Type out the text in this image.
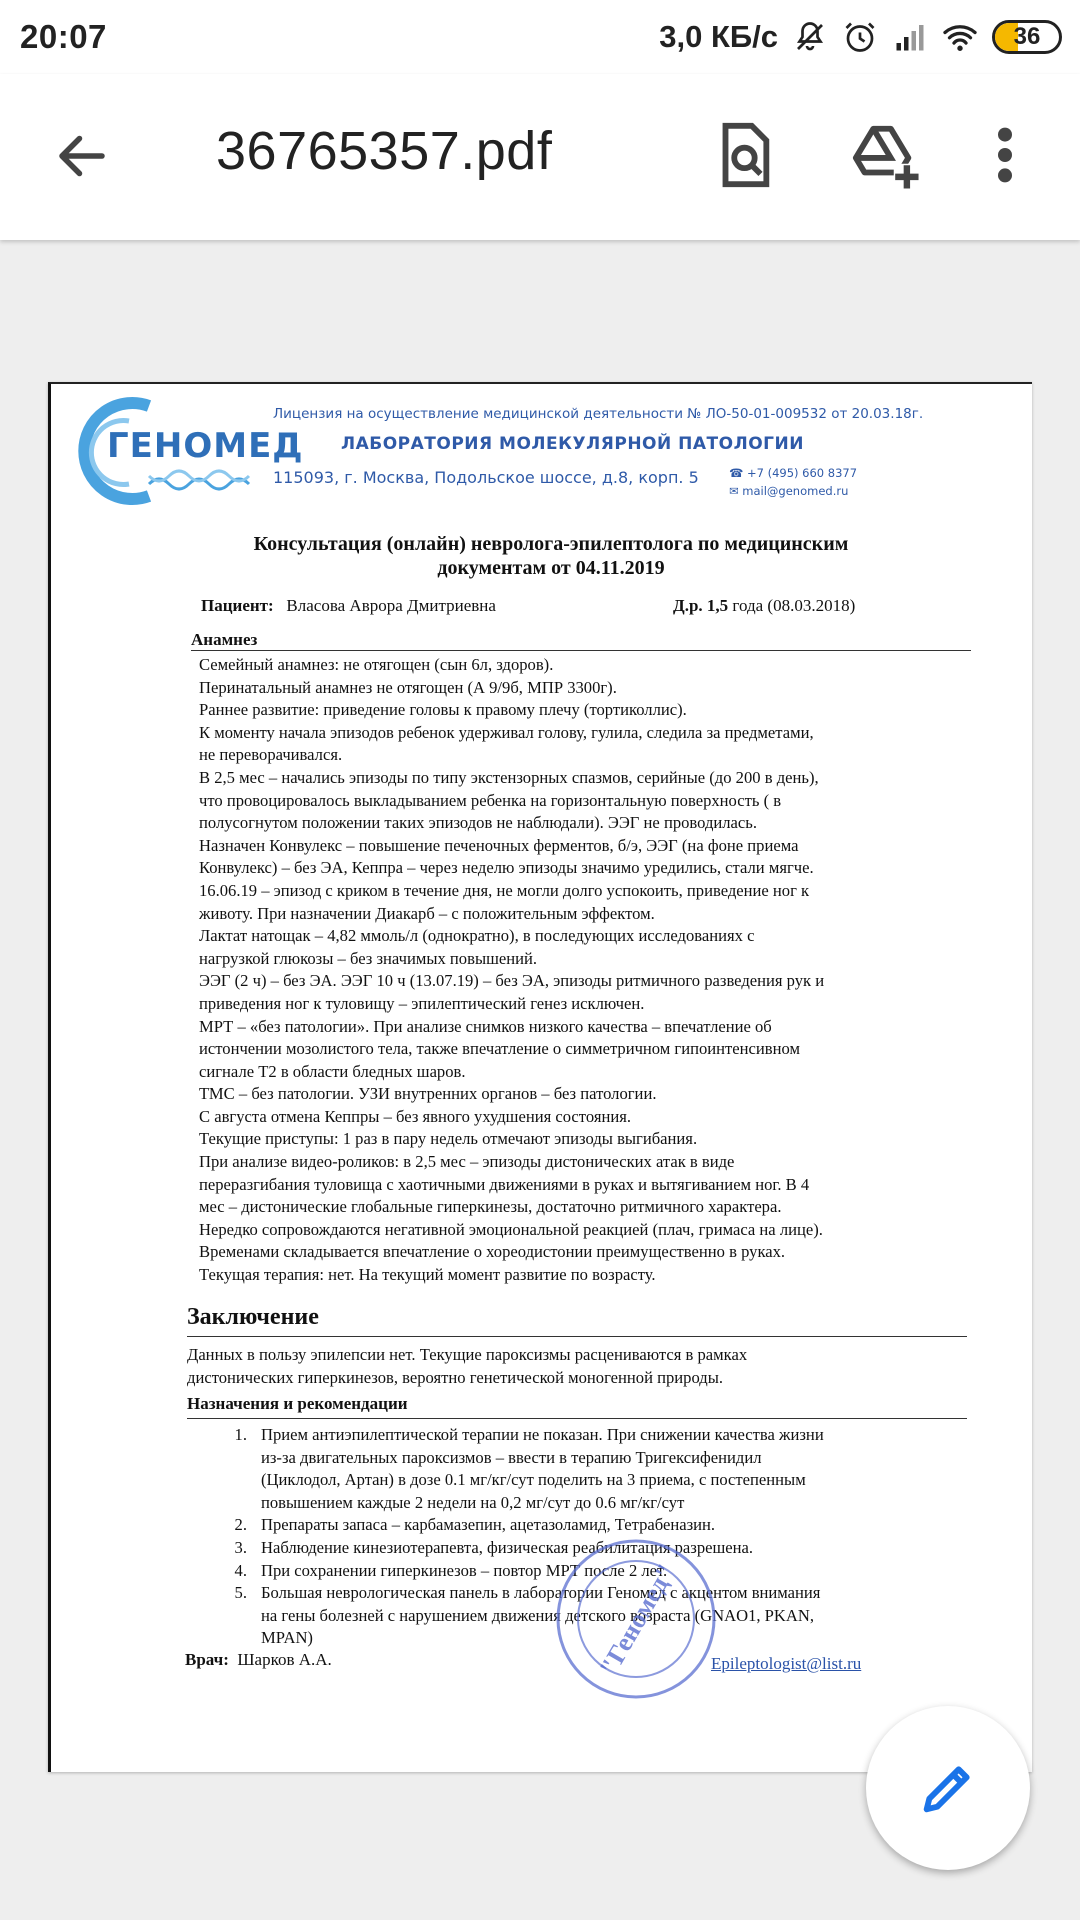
20:07	3,0 КБ/с	36
36765357.pdf
ГЕНОМЕД
Лицензия на осуществление медицинской деятельности № ЛО-50-01-009532 от 20.03.18г.
ЛАБОРАТОРИЯ МОЛЕКУЛЯРНОЙ ПАТОЛОГИИ
115093, г. Москва, Подольское шоссе, д.8, корп. 5	☎ +7 (495) 660 8377
✉ mail@genomed.ru
Консультация (онлайн) невролога-эпилептолога по медицинским
документам от 04.11.2019
Пациент: Власова Аврора Дмитриевна	Д.р. 1,5 года (08.03.2018)
Анамнез
Семейный анамнез: не отягощен (сын 6л, здоров).
Перинатальный анамнез не отягощен (А 9/9б, МПР 3300г).
Раннее развитие: приведение головы к правому плечу (тортиколлис).
К моменту начала эпизодов ребенок удерживал голову, гулила, следила за предметами,
не переворачивался.
В 2,5 мес – начались эпизоды по типу экстензорных спазмов, серийные (до 200 в день),
что провоцировалось выкладыванием ребенка на горизонтальную поверхность ( в
полусогнутом положении таких эпизодов не наблюдали). ЭЭГ не проводилась.
Назначен Конвулекс – повышение печеночных ферментов, б/э, ЭЭГ (на фоне приема
Конвулекс) – без ЭА, Кеппра – через неделю эпизоды значимо уредились, стали мягче.
16.06.19 – эпизод с криком в течение дня, не могли долго успокоить, приведение ног к
животу. При назначении Диакарб – с положительным эффектом.
Лактат натощак – 4,82 ммоль/л (однократно), в последующих исследованиях с
нагрузкой глюкозы – без значимых повышений.
ЭЭГ (2 ч) – без ЭА. ЭЭГ 10 ч (13.07.19) – без ЭА, эпизоды ритмичного разведения рук и
приведения ног к туловищу – эпилептический генез исключен.
МРТ – «без патологии». При анализе снимков низкого качества – впечатление об
истончении мозолистого тела, также впечатление о симметричном гипоинтенсивном
сигнале Т2 в области бледных шаров.
ТМС – без патологии. УЗИ внутренних органов – без патологии.
С августа отмена Кеппры – без явного ухудшения состояния.
Текущие приступы: 1 раз в пару недель отмечают эпизоды выгибания.
При анализе видео-роликов: в 2,5 мес – эпизоды дистонических атак в виде
переразгибания туловища с хаотичными движениями в руках и вытягиванием ног. В 4
мес – дистонические глобальные гиперкинезы, достаточно ритмичного характера.
Нередко сопровождаются негативной эмоциональной реакцией (плач, гримаса на лице).
Временами складывается впечатление о хореодистонии преимущественно в руках.
Текущая терапия: нет. На текущий момент развитие по возрасту.
Заключение
Данных в пользу эпилепсии нет. Текущие пароксизмы расцениваются в рамках
дистонических гиперкинезов, вероятно генетической моногенной природы.
Назначения и рекомендации
1. Прием антиэпилептической терапии не показан. При снижении качества жизни
из-за двигательных пароксизмов – ввести в терапию Тригексифенидил
(Циклодол, Артан) в дозе 0.1 мг/кг/сут поделить на 3 приема, с постепенным
повышением каждые 2 недели на 0,2 мг/сут до 0.6 мг/кг/сут
2. Препараты запаса – карбамазепин, ацетазоламид, Тетрабеназин.
3. Наблюдение кинезиотерапевта, физическая реабилитация разрешена.
4. При сохранении гиперкинезов – повтор МРТ после 2 лет.
5. Большая неврологическая панель в лаборатории Геномед с акцентом внимания
на гены болезней с нарушением движения детского возраста (GNAO1, PKAN,
MPAN)	"Геномед"
Врач: Шарков А.А.	Epileptologist@list.ru
